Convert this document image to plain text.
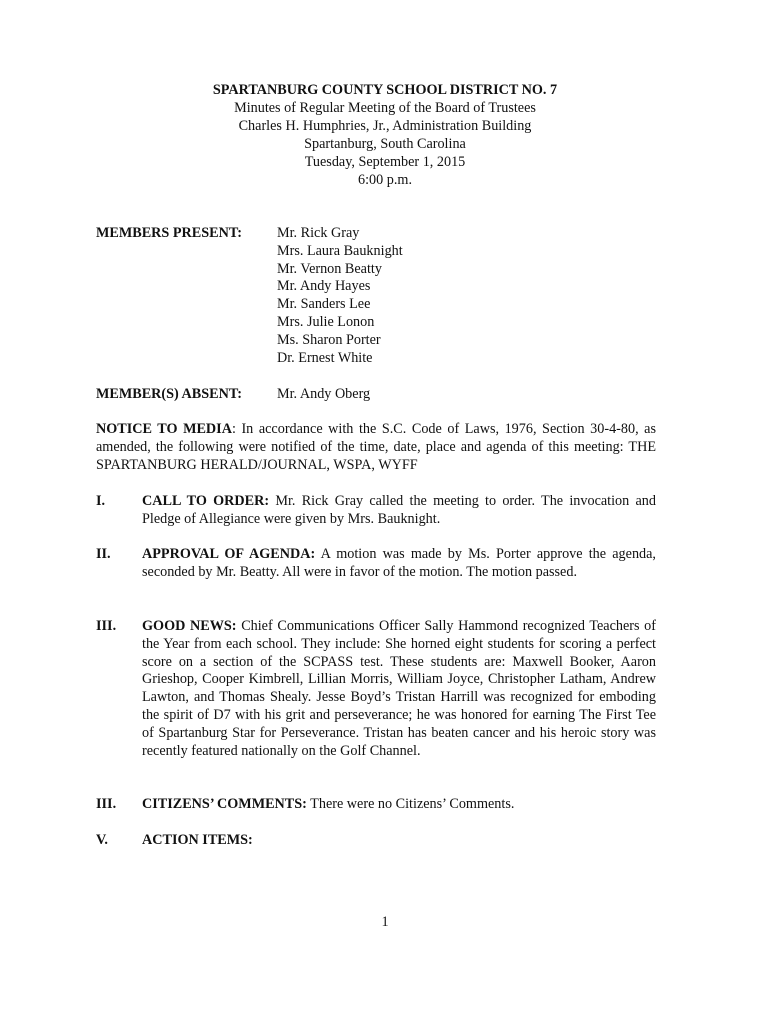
SPARTANBURG COUNTY SCHOOL DISTRICT NO. 7
Minutes of Regular Meeting of the Board of Trustees
Charles H. Humphries, Jr., Administration Building
Spartanburg, South Carolina
Tuesday, September 1, 2015
6:00 p.m.
MEMBERS PRESENT:	Mr. Rick Gray
Mrs. Laura Bauknight
Mr. Vernon Beatty
Mr. Andy Hayes
Mr. Sanders Lee
Mrs. Julie Lonon
Ms. Sharon Porter
Dr. Ernest White
MEMBER(S) ABSENT:	Mr. Andy Oberg
NOTICE TO MEDIA: In accordance with the S.C. Code of Laws, 1976, Section 30-4-80, as amended, the following were notified of the time, date, place and agenda of this meeting: THE SPARTANBURG HERALD/JOURNAL, WSPA, WYFF
I.	CALL TO ORDER: Mr. Rick Gray called the meeting to order. The invocation and Pledge of Allegiance were given by Mrs. Bauknight.
II.	APPROVAL OF AGENDA: A motion was made by Ms. Porter approve the agenda, seconded by Mr. Beatty. All were in favor of the motion. The motion passed.
III.	GOOD NEWS: Chief Communications Officer Sally Hammond recognized Teachers of the Year from each school. They include: She horned eight students for scoring a perfect score on a section of the SCPASS test. These students are: Maxwell Booker, Aaron Grieshop, Cooper Kimbrell, Lillian Morris, William Joyce, Christopher Latham, Andrew Lawton, and Thomas Shealy. Jesse Boyd’s Tristan Harrill was recognized for emboding the spirit of D7 with his grit and perseverance; he was honored for earning The First Tee of Spartanburg Star for Perseverance. Tristan has beaten cancer and his heroic story was recently featured nationally on the Golf Channel.
III.	CITIZENS’ COMMENTS: There were no Citizens’ Comments.
V.	ACTION ITEMS:
1
